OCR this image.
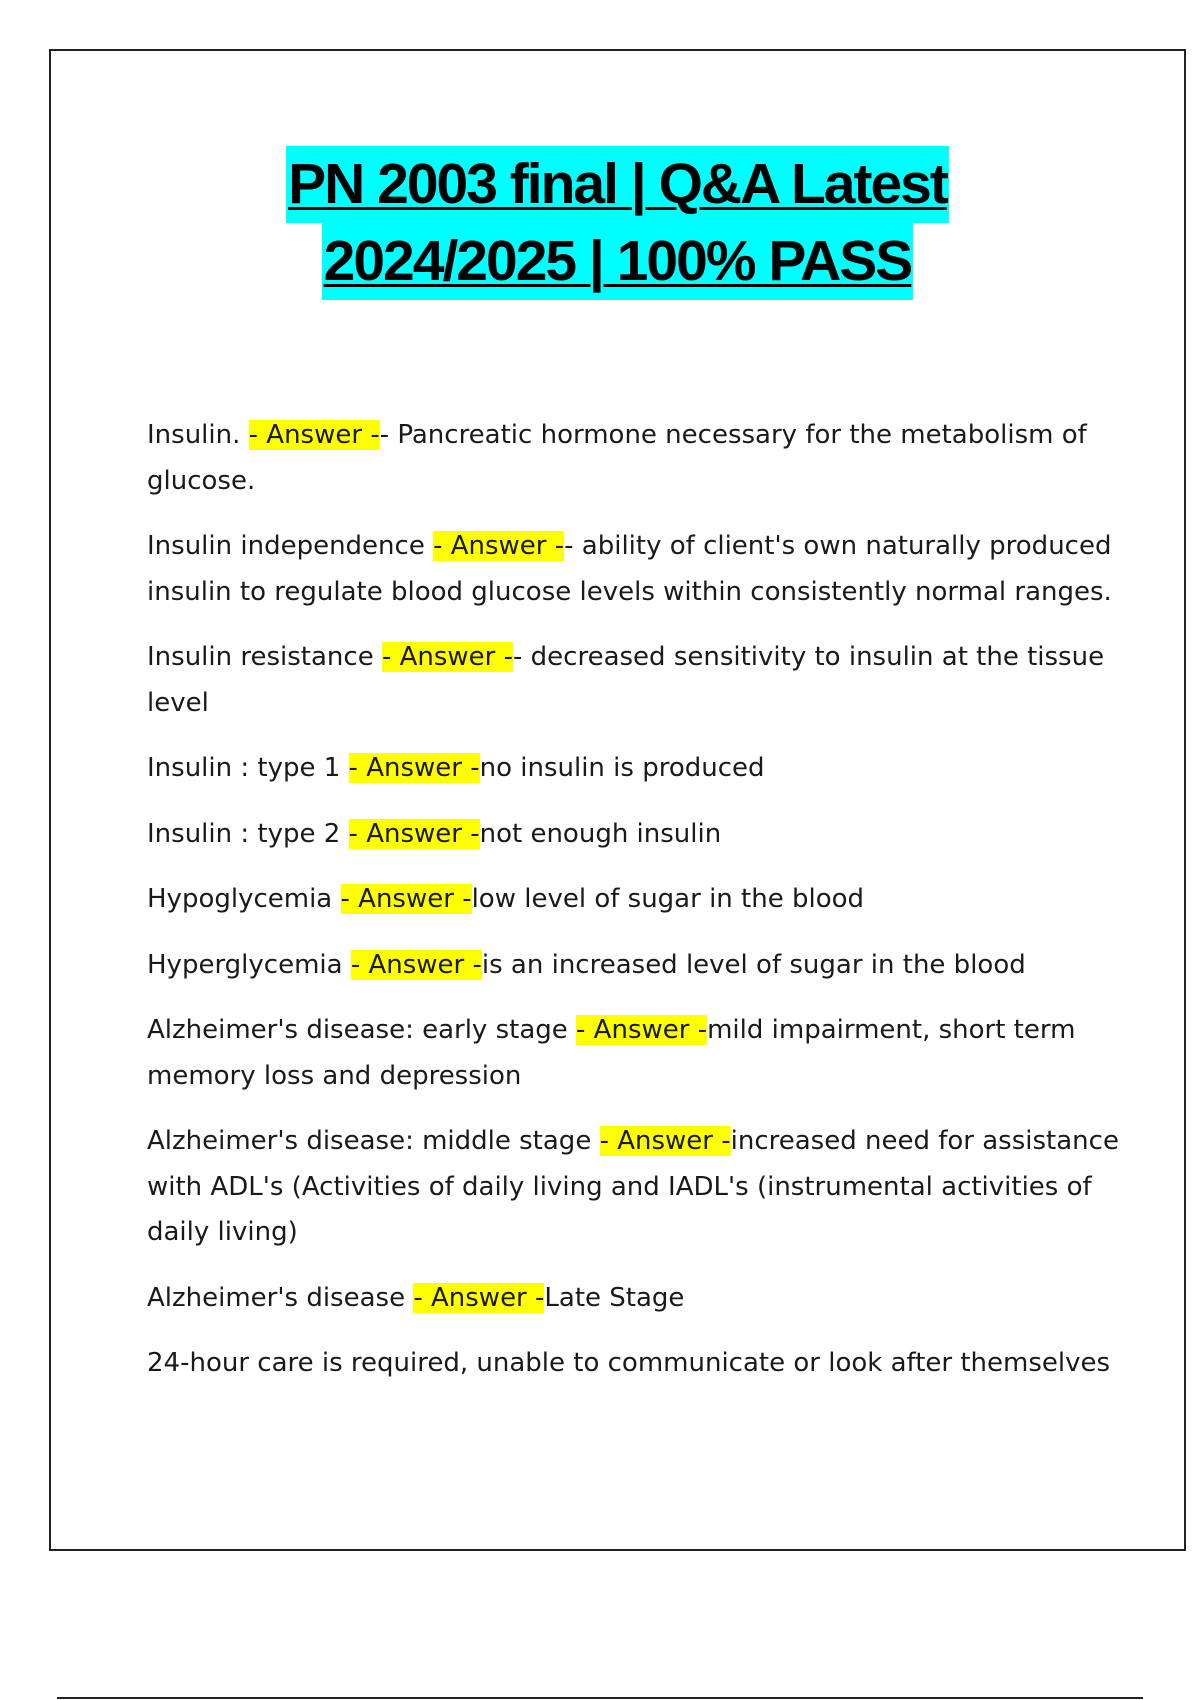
PN 2003 final | Q&A Latest
2024/2025 | 100% PASS

Insulin. - Answer -- Pancreatic hormone necessary for the metabolism of glucose.

Insulin independence - Answer -- ability of client's own naturally produced insulin to regulate blood glucose levels within consistently normal ranges.

Insulin resistance - Answer -- decreased sensitivity to insulin at the tissue level

Insulin : type 1 - Answer -no insulin is produced

Insulin : type 2 - Answer -not enough insulin

Hypoglycemia - Answer -low level of sugar in the blood

Hyperglycemia - Answer -is an increased level of sugar in the blood

Alzheimer's disease: early stage - Answer -mild impairment, short term memory loss and depression

Alzheimer's disease: middle stage - Answer -increased need for assistance with ADL's (Activities of daily living and IADL's (instrumental activities of daily living)

Alzheimer's disease - Answer -Late Stage

24-hour care is required, unable to communicate or look after themselves
